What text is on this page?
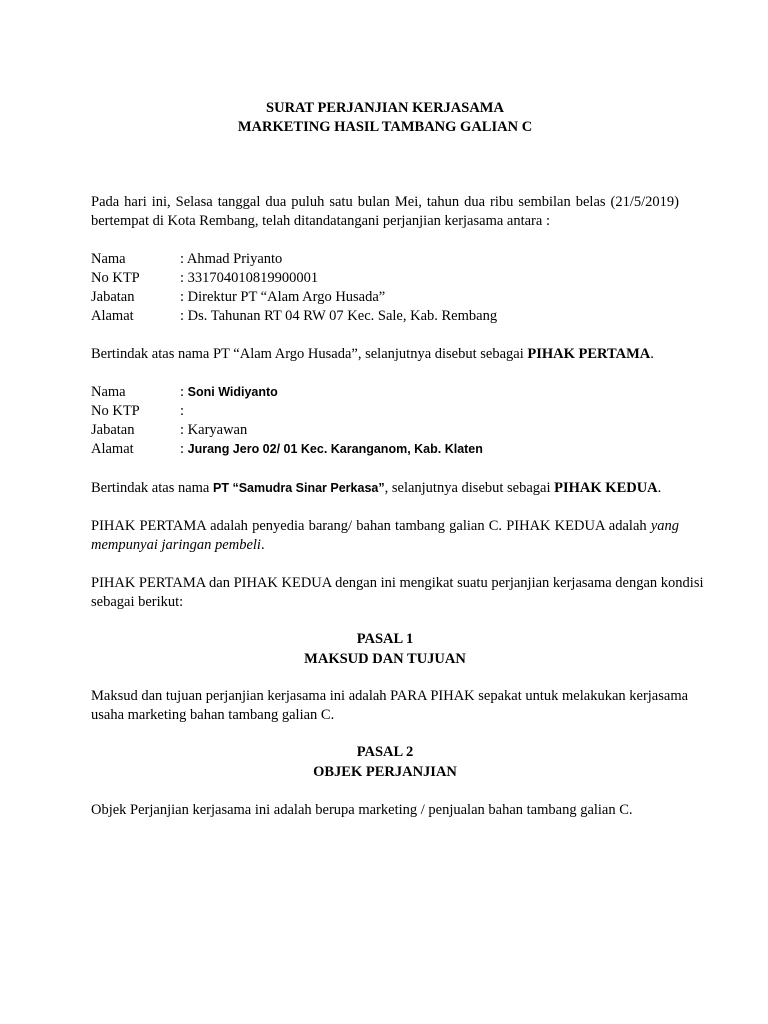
SURAT PERJANJIAN KERJASAMA
MARKETING HASIL TAMBANG GALIAN C
Pada hari ini, Selasa tanggal dua puluh satu bulan Mei, tahun dua ribu sembilan belas (21/5/2019)
bertempat di Kota Rembang, telah ditandatangani perjanjian kerjasama antara :
Nama	: Ahmad Priyanto
No KTP	: 331704010819900001
Jabatan	: Direktur PT “Alam Argo Husada”
Alamat	: Ds. Tahunan RT 04 RW 07 Kec. Sale, Kab. Rembang
Bertindak atas nama PT “Alam Argo Husada”, selanjutnya disebut sebagai PIHAK PERTAMA.
Nama	: Soni Widiyanto
No KTP	:
Jabatan	: Karyawan
Alamat	: Jurang Jero 02/ 01 Kec. Karanganom, Kab. Klaten
Bertindak atas nama PT “Samudra Sinar Perkasa”, selanjutnya disebut sebagai PIHAK KEDUA.
PIHAK PERTAMA adalah penyedia barang/ bahan tambang galian C. PIHAK KEDUA adalah yang
mempunyai jaringan pembeli.
PIHAK PERTAMA dan PIHAK KEDUA dengan ini mengikat suatu perjanjian kerjasama dengan kondisi
sebagai berikut:
PASAL 1
MAKSUD DAN TUJUAN
Maksud dan tujuan perjanjian kerjasama ini adalah PARA PIHAK sepakat untuk melakukan kerjasama
usaha marketing bahan tambang galian C.
PASAL 2
OBJEK PERJANJIAN
Objek Perjanjian kerjasama ini adalah berupa marketing / penjualan bahan tambang galian C.
